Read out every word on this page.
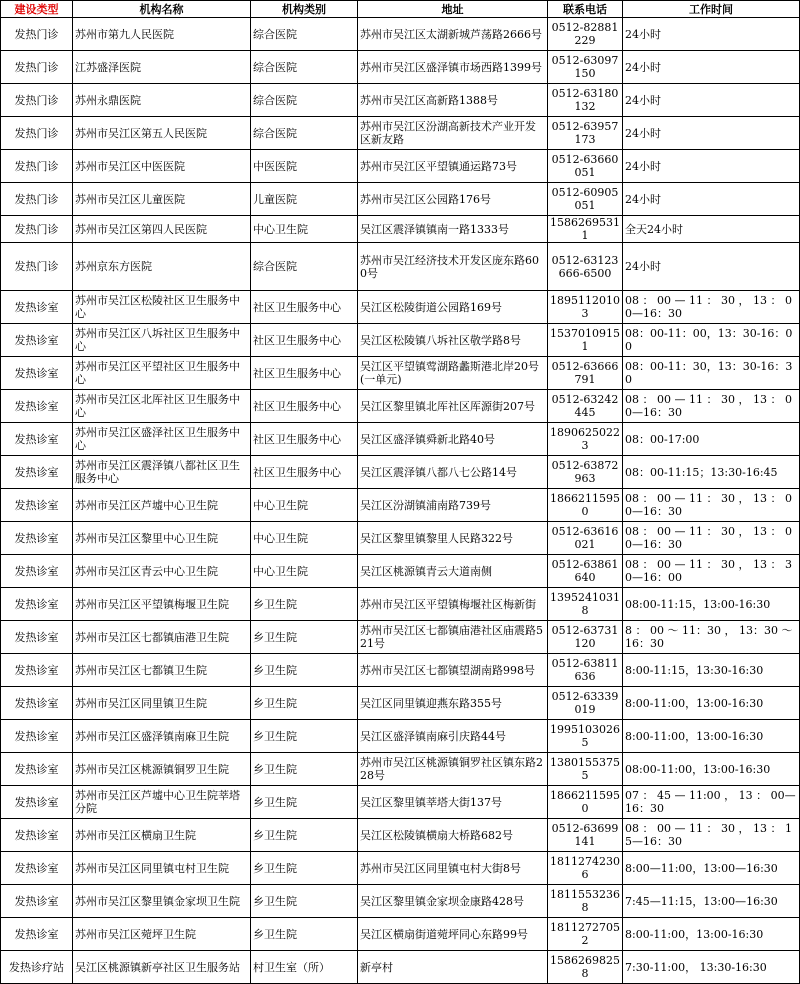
建设类型	机构名称	机构类别	地址	联系电话	工作时间
发热门诊	苏州市第九人民医院	综合医院	苏州市吴江区太湖新城芦荡路2666号	0512-82881229	24小时
发热门诊	江苏盛泽医院	综合医院	苏州市吴江区盛泽镇市场西路1399号	0512-63097150	24小时
发热门诊	苏州永鼎医院	综合医院	苏州市吴江区高新路1388号	0512-63180132	24小时
发热门诊	苏州市吴江区第五人民医院	综合医院	苏州市吴江区汾湖高新技术产业开发区新友路	0512-63957173	24小时
发热门诊	苏州市吴江区中医医院	中医医院	苏州市吴江区平望镇通运路73号	0512-63660051	24小时
发热门诊	苏州市吴江区儿童医院	儿童医院	苏州市吴江区公园路176号	0512-60905051	24小时
发热门诊	苏州市吴江区第四人民医院	中心卫生院	吴江区震泽镇镇南一路1333号	15862695311	全天24小时
发热门诊	苏州京东方医院	综合医院	苏州市吴江经济技术开发区庞东路600号	0512-63123666-6500	24小时
发热诊室	苏州市吴江区松陵社区卫生服务中心	社区卫生服务中心	吴江区松陵街道公园路169号	18951120103	08 ： 00 — 11 ： 30 ， 13 ： 00—16：30
发热诊室	苏州市吴江区八坼社区卫生服务中心	社区卫生服务中心	吴江区松陵镇八坼社区敬学路8号	15370109151	08：00-11：00，13：30-16：00
发热诊室	苏州市吴江区平望社区卫生服务中心	社区卫生服务中心	吴江区平望镇莺湖路蠡斯港北岸20号(一单元)	0512-63666791	08：00-11：30，13：30-16：30
发热诊室	苏州市吴江区北厍社区卫生服务中心	社区卫生服务中心	吴江区黎里镇北厍社区厍源街207号	0512-63242445	08 ： 00 — 11 ： 30 ， 13 ： 00—16：30
发热诊室	苏州市吴江区盛泽社区卫生服务中心	社区卫生服务中心	吴江区盛泽镇舜新北路40号	18906250223	08：00-17:00
发热诊室	苏州市吴江区震泽镇八都社区卫生服务中心	社区卫生服务中心	吴江区震泽镇八都八七公路14号	0512-63872963	08：00-11:15；13:30-16:45
发热诊室	苏州市吴江区芦墟中心卫生院	中心卫生院	吴江区汾湖镇浦南路739号	18662115950	08 ： 00 — 11 ： 30 ， 13 ： 00—16：30
发热诊室	苏州市吴江区黎里中心卫生院	中心卫生院	吴江区黎里镇黎里人民路322号	0512-63616021	08 ： 00 — 11 ： 30 ， 13 ： 00—16：30
发热诊室	苏州市吴江区青云中心卫生院	中心卫生院	吴江区桃源镇青云大道南侧	0512-63861640	08 ： 00 — 11 ： 30 ， 13 ： 30—16：00
发热诊室	苏州市吴江区平望镇梅堰卫生院	乡卫生院	苏州市吴江区平望镇梅堰社区梅新街	13952410318	08:00-11:15，13:00-16:30
发热诊室	苏州市吴江区七都镇庙港卫生院	乡卫生院	苏州市吴江区七都镇庙港社区庙震路521号	0512-63731120	8 ： 00 ～ 11：30 ， 13：30 ～ 16：30
发热诊室	苏州市吴江区七都镇卫生院	乡卫生院	苏州市吴江区七都镇望湖南路998号	0512-63811636	8:00-11:15，13:30-16:30
发热诊室	苏州市吴江区同里镇卫生院	乡卫生院	吴江区同里镇迎燕东路355号	0512-63339019	8:00-11:00，13:00-16:30
发热诊室	苏州市吴江区盛泽镇南麻卫生院	乡卫生院	吴江区盛泽镇南麻引庆路44号	19951030265	8:00-11:00，13:00-16:30
发热诊室	苏州市吴江区桃源镇铜罗卫生院	乡卫生院	苏州市吴江区桃源镇铜罗社区镇东路228号	13801553755	08:00-11:00，13:00-16:30
发热诊室	苏州市吴江区芦墟中心卫生院莘塔分院	乡卫生院	吴江区黎里镇莘塔大街137号	18662115950	07 ： 45 — 11:00 ， 13 ： 00—16：30
发热诊室	苏州市吴江区横扇卫生院	乡卫生院	吴江区松陵镇横扇大桥路682号	0512-63699141	08 ： 00 — 11 ： 30 ， 13 ： 15—16：30
发热诊室	苏州市吴江区同里镇屯村卫生院	乡卫生院	苏州市吴江区同里镇屯村大街8号	18112742306	8:00—11:00，13:00—16:30
发热诊室	苏州市吴江区黎里镇金家坝卫生院	乡卫生院	吴江区黎里镇金家坝金康路428号	18115532368	7:45—11:15，13:00—16:30
发热诊室	苏州市吴江区菀坪卫生院	乡卫生院	吴江区横扇街道菀坪同心东路99号	18112727052	8:00-11:00，13:00-16:30
发热诊疗站	吴江区桃源镇新亭社区卫生服务站	村卫生室（所）	新亭村	15862698258	7:30-11:00， 13:30-16:30
